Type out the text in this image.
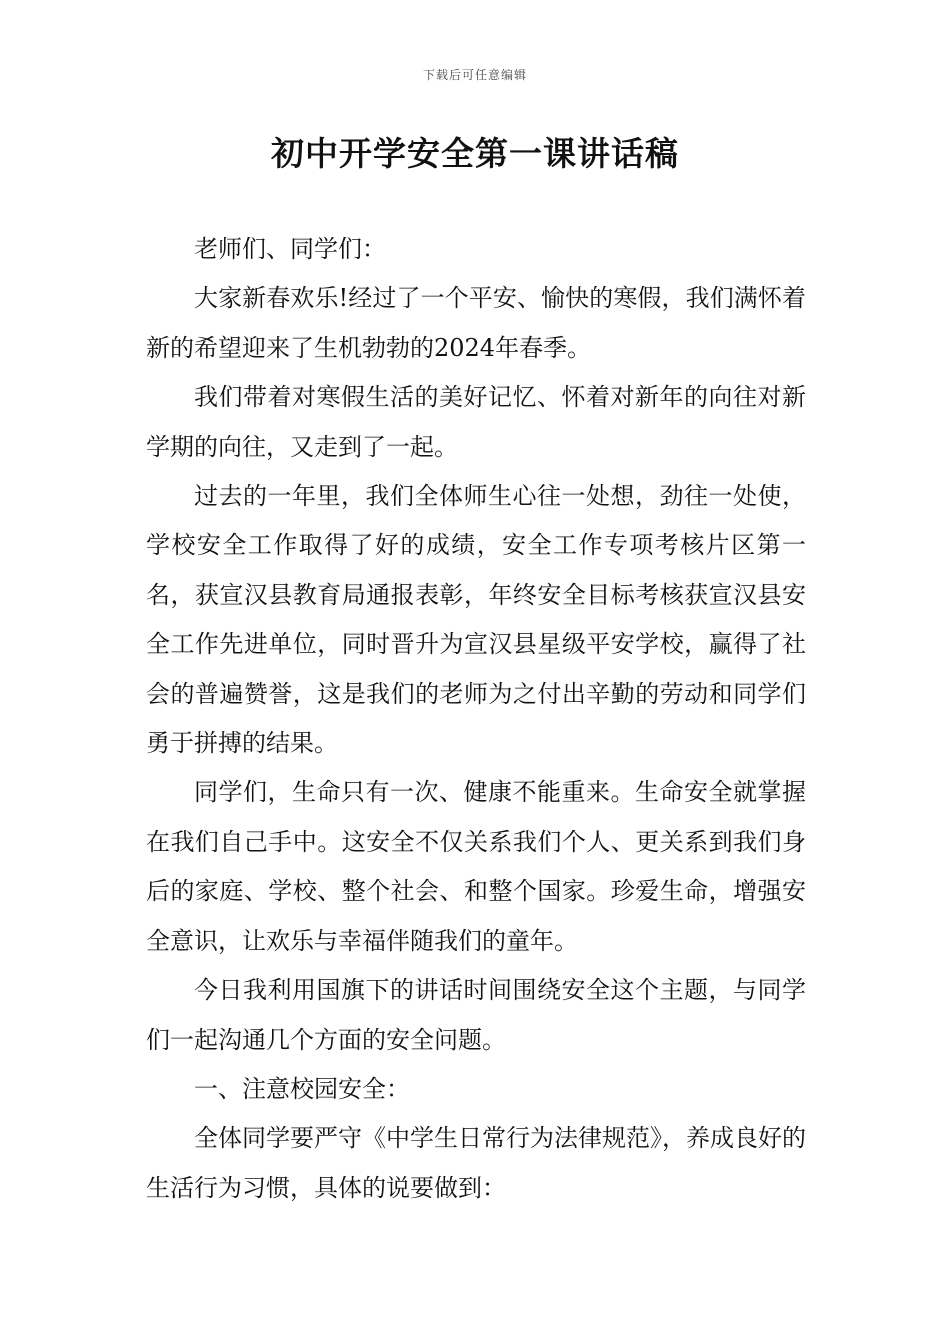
下载后可任意编辑
初中开学安全第一课讲话稿

老师们、同学们：

大家新春欢乐!经过了一个平安、愉快的寒假，我们满怀着新的希望迎来了生机勃勃的2024年春季。

我们带着对寒假生活的美好记忆、怀着对新年的向往对新学期的向往，又走到了一起。

过去的一年里，我们全体师生心往一处想，劲往一处使，学校安全工作取得了好的成绩，安全工作专项考核片区第一名，获宣汉县教育局通报表彰，年终安全目标考核获宣汉县安全工作先进单位，同时晋升为宣汉县星级平安学校，赢得了社会的普遍赞誉，这是我们的老师为之付出辛勤的劳动和同学们勇于拼搏的结果。

同学们，生命只有一次、健康不能重来。生命安全就掌握在我们自己手中。这安全不仅关系我们个人、更关系到我们身后的家庭、学校、整个社会、和整个国家。珍爱生命，增强安全意识，让欢乐与幸福伴随我们的童年。

今日我利用国旗下的讲话时间围绕安全这个主题，与同学们一起沟通几个方面的安全问题。

一、注意校园安全：

全体同学要严守《中学生日常行为法律规范》，养成良好的生活行为习惯，具体的说要做到：
